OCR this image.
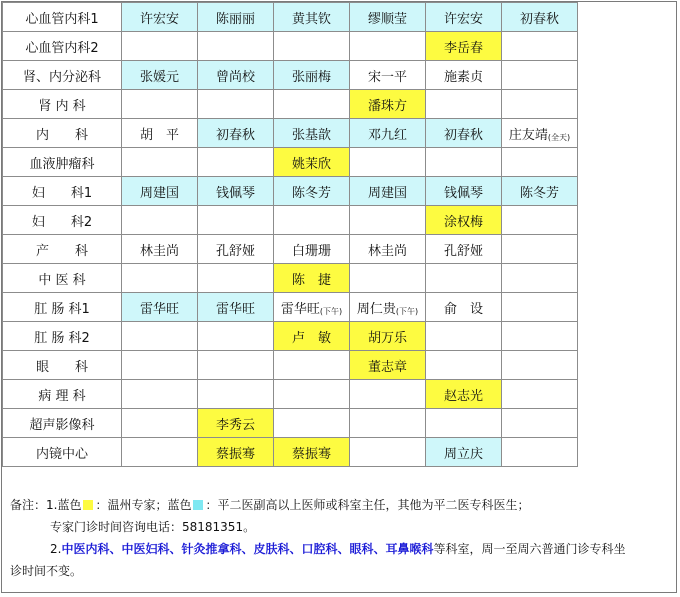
心血管内科1	许宏安	陈丽丽	黄其钦	缪顺莹	许宏安	初春秋
心血管内科2					李岳春	
肾、内分泌科	张媛元	曾尚校	张丽梅	宋一平	施素贞	
肾 内 科				潘珠方		
内　　科	胡　平	初春秋	张基歆	邓九红	初春秋	庄友靖(全天)
血液肿瘤科			姚茉欣			
妇　　科1	周建国	钱佩琴	陈冬芳	周建国	钱佩琴	陈冬芳
妇　　科2					涂权梅	
产　　科	林圭尚	孔舒娅	白珊珊	林圭尚	孔舒娅	
中 医 科			陈　捷			
肛 肠 科1	雷华旺	雷华旺	雷华旺(下午)	周仁贵(下午)	俞　设	
肛 肠 科2			卢　敏	胡万乐		
眼　　科				董志章		
病 理 科					赵志光	
超声影像科		李秀云				
内镜中心		蔡振骞	蔡振骞		周立庆	
备注：1.蓝色 ：温州专家；蓝色 ：平二医副高以上医师或科室主任，其他为平二医专科医生；
专家门诊时间咨询电话：58181351。
2.中医内科、中医妇科、针灸推拿科、皮肤科、口腔科、眼科、耳鼻喉科等科室，周一至周六普通门诊专科坐
诊时间不变。
